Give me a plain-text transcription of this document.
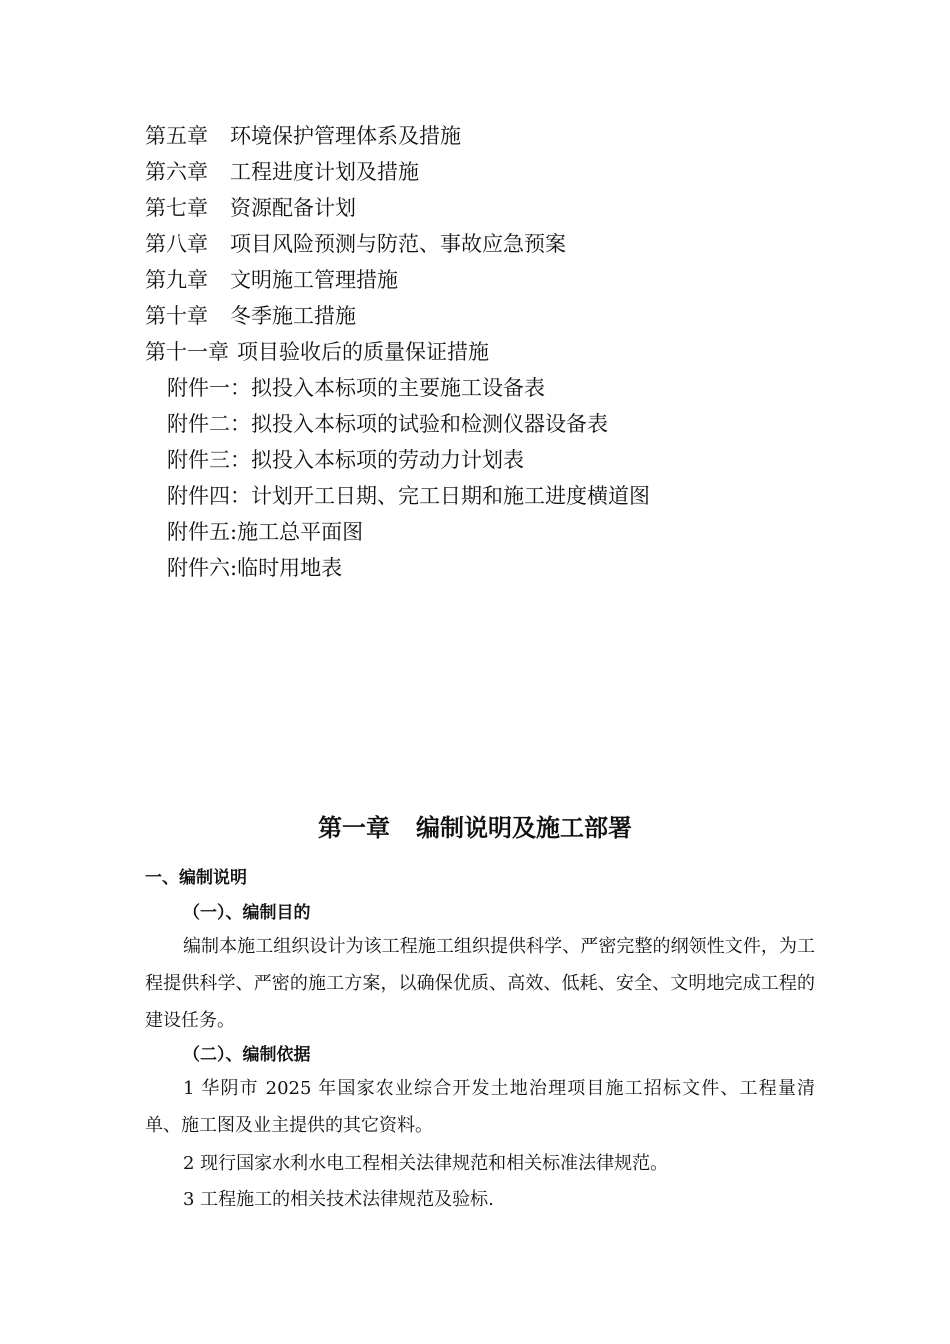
第五章 环境保护管理体系及措施
第六章 工程进度计划及措施
第七章 资源配备计划
第八章 项目风险预测与防范、事故应急预案
第九章 文明施工管理措施
第十章 冬季施工措施
第十一章 项目验收后的质量保证措施
附件一：拟投入本标项的主要施工设备表
附件二：拟投入本标项的试验和检测仪器设备表
附件三：拟投入本标项的劳动力计划表
附件四：计划开工日期、完工日期和施工进度横道图
附件五:施工总平面图
附件六:临时用地表
第一章 编制说明及施工部署
一、编制说明
（一）、编制目的

编制本施工组织设计为该工程施工组织提供科学、严密完整的纲领性文件，为工程提供科学、严密的施工方案，以确保优质、高效、低耗、安全、文明地完成工程的建设任务。

（二）、编制依据

1 华阴市 2025 年国家农业综合开发土地治理项目施工招标文件、工程量清单、施工图及业主提供的其它资料。

2 现行国家水利水电工程相关法律规范和相关标准法律规范。
3 工程施工的相关技术法律规范及验标.
